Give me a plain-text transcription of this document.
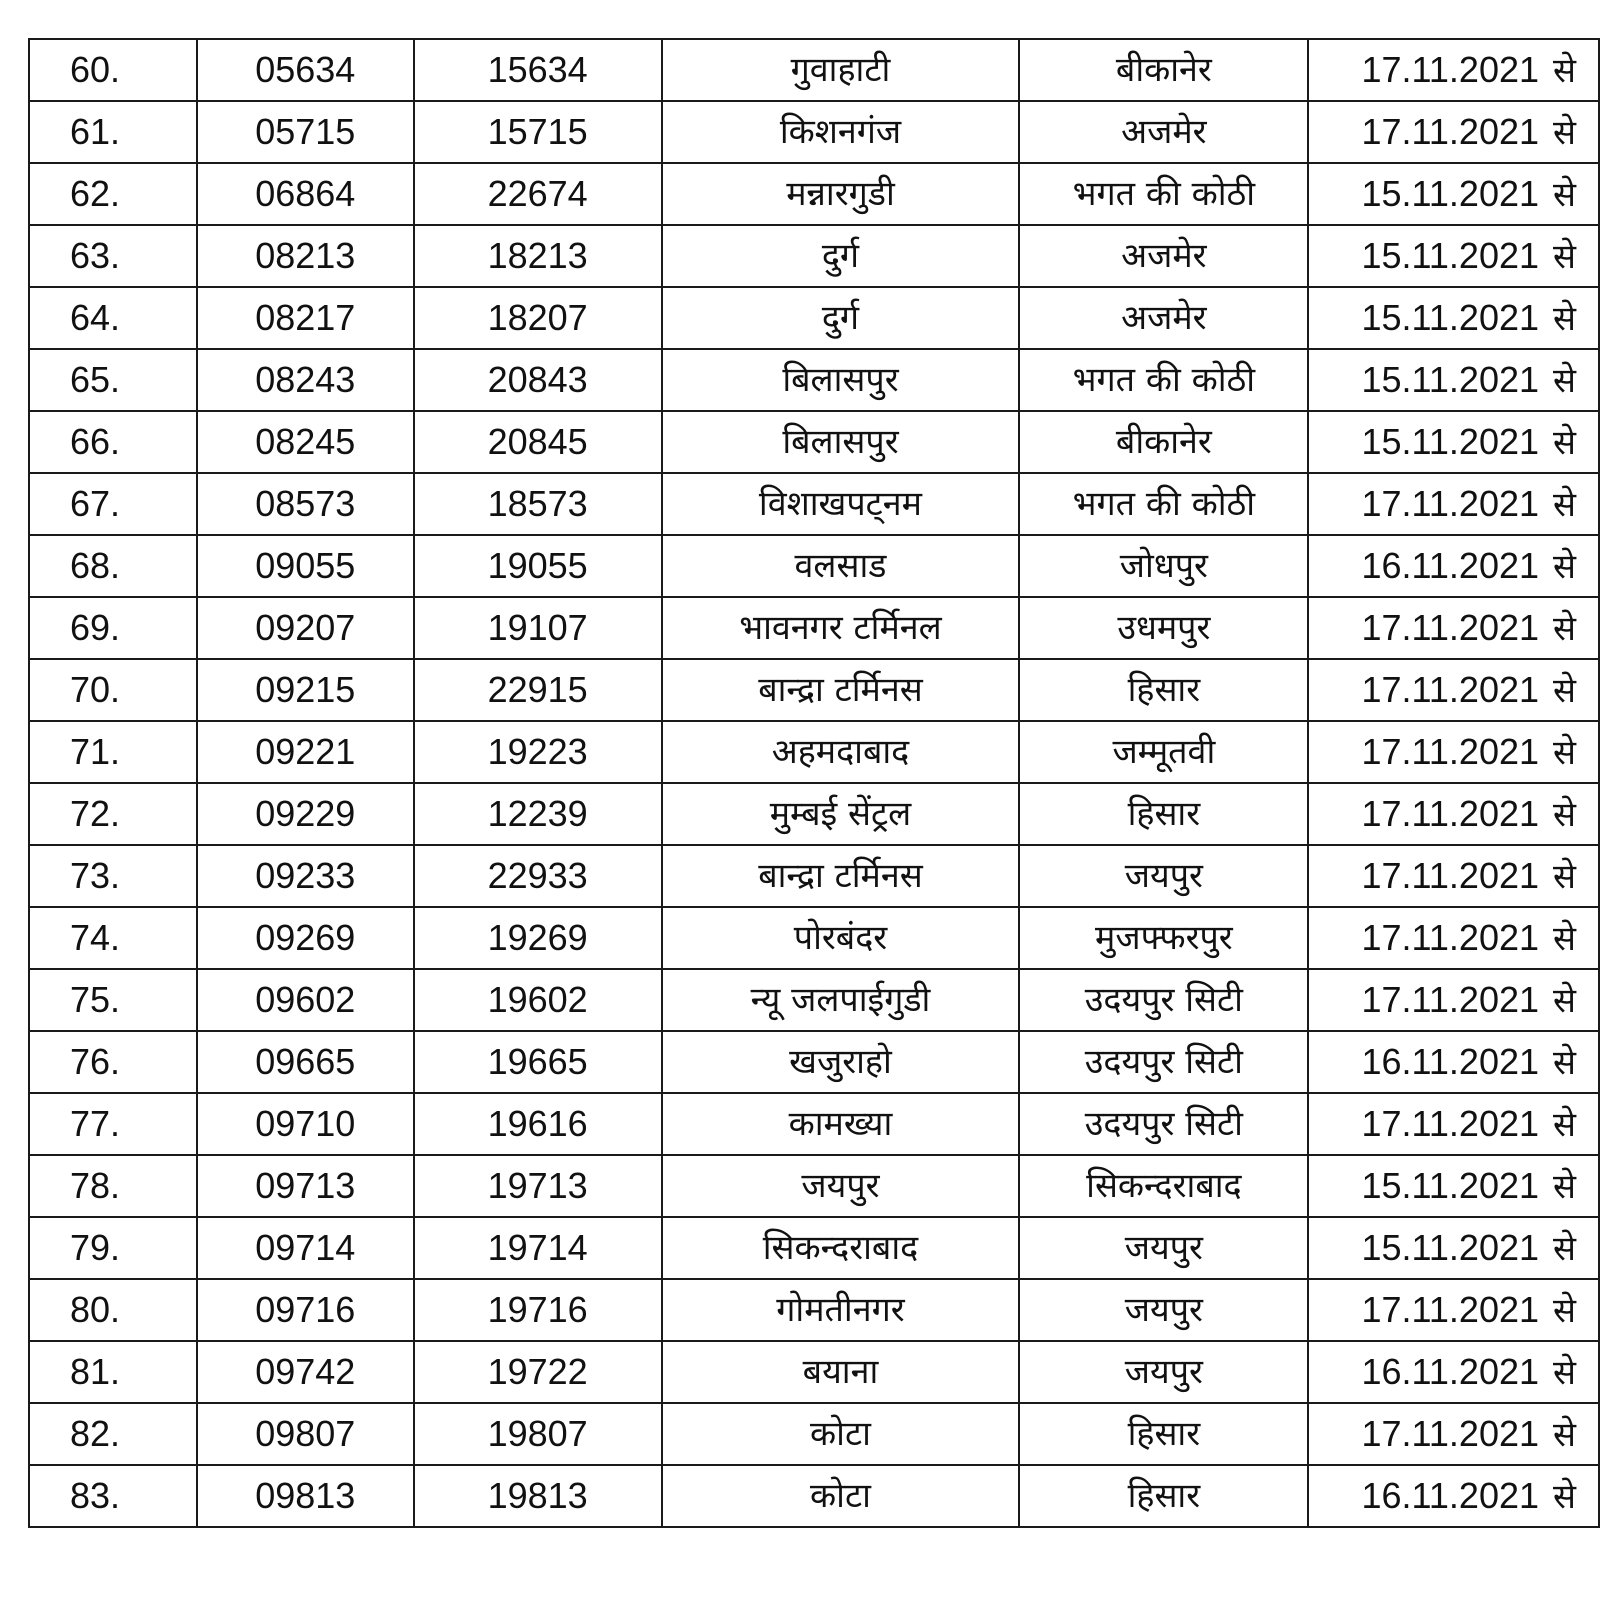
60.	05634	15634	गुवाहाटी	बीकानेर	17.11.2021 से
61.	05715	15715	किशनगंज	अजमेर	17.11.2021 से
62.	06864	22674	मन्नारगुडी	भगत की कोठी	15.11.2021 से
63.	08213	18213	दुर्ग	अजमेर	15.11.2021 से
64.	08217	18207	दुर्ग	अजमेर	15.11.2021 से
65.	08243	20843	बिलासपुर	भगत की कोठी	15.11.2021 से
66.	08245	20845	बिलासपुर	बीकानेर	15.11.2021 से
67.	08573	18573	विशाखपट्नम	भगत की कोठी	17.11.2021 से
68.	09055	19055	वलसाड	जोधपुर	16.11.2021 से
69.	09207	19107	भावनगर टर्मिनल	उधमपुर	17.11.2021 से
70.	09215	22915	बान्द्रा टर्मिनस	हिसार	17.11.2021 से
71.	09221	19223	अहमदाबाद	जम्मूतवी	17.11.2021 से
72.	09229	12239	मुम्बई सेंट्रल	हिसार	17.11.2021 से
73.	09233	22933	बान्द्रा टर्मिनस	जयपुर	17.11.2021 से
74.	09269	19269	पोरबंदर	मुजफ्फरपुर	17.11.2021 से
75.	09602	19602	न्यू जलपाईगुडी	उदयपुर सिटी	17.11.2021 से
76.	09665	19665	खजुराहो	उदयपुर सिटी	16.11.2021 से
77.	09710	19616	कामख्या	उदयपुर सिटी	17.11.2021 से
78.	09713	19713	जयपुर	सिकन्दराबाद	15.11.2021 से
79.	09714	19714	सिकन्दराबाद	जयपुर	15.11.2021 से
80.	09716	19716	गोमतीनगर	जयपुर	17.11.2021 से
81.	09742	19722	बयाना	जयपुर	16.11.2021 से
82.	09807	19807	कोटा	हिसार	17.11.2021 से
83.	09813	19813	कोटा	हिसार	16.11.2021 से
